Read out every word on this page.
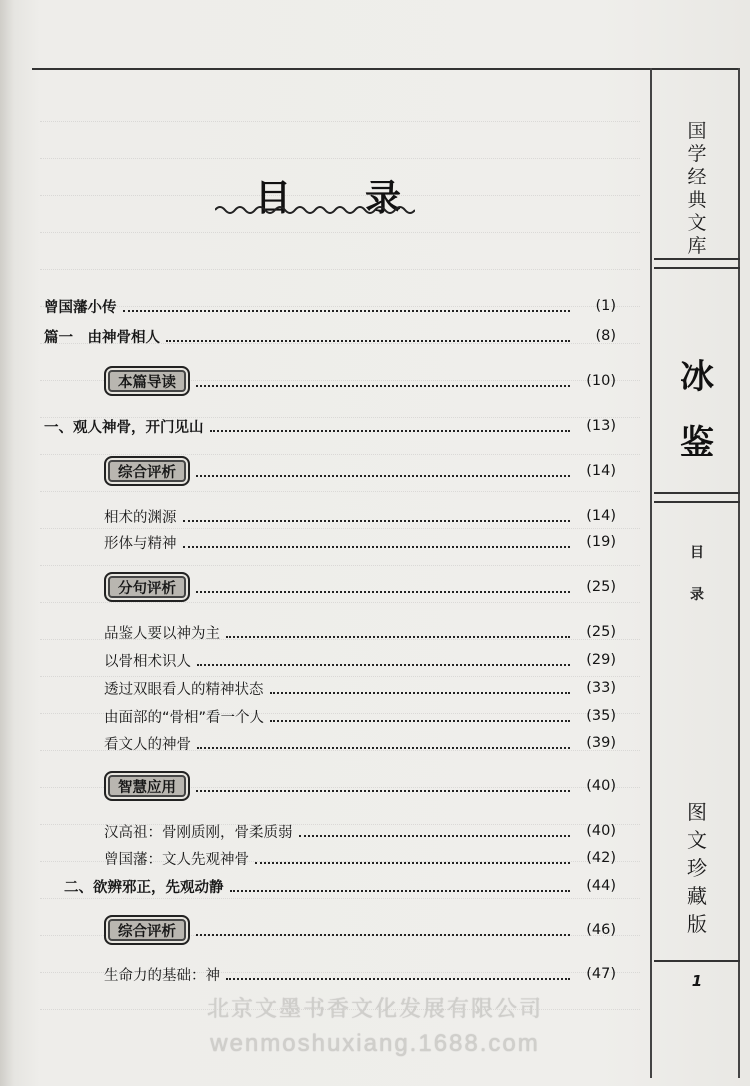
目 录
曾国藩小传	(1)
篇一　由神骨相人	(8)
本篇导读	(10)
一、观人神骨，开门见山	(13)
综合评析	(14)
相术的渊源	(14)
形体与精神	(19)
分句评析	(25)
品鉴人要以神为主	(25)
以骨相术识人	(29)
透过双眼看人的精神状态	(33)
由面部的“骨相”看一个人	(35)
看文人的神骨	(39)
智慧应用	(40)
汉高祖：骨刚质刚，骨柔质弱	(40)
曾国藩：文人先观神骨	(42)
二、欲辨邪正，先观动静	(44)
综合评析	(46)
生命力的基础：神	(47)
国
学
经
典
文
库
冰
鉴
目
录
图
文
珍
藏
版
1
北京文墨书香文化发展有限公司
wenmoshuxiang.1688.com
